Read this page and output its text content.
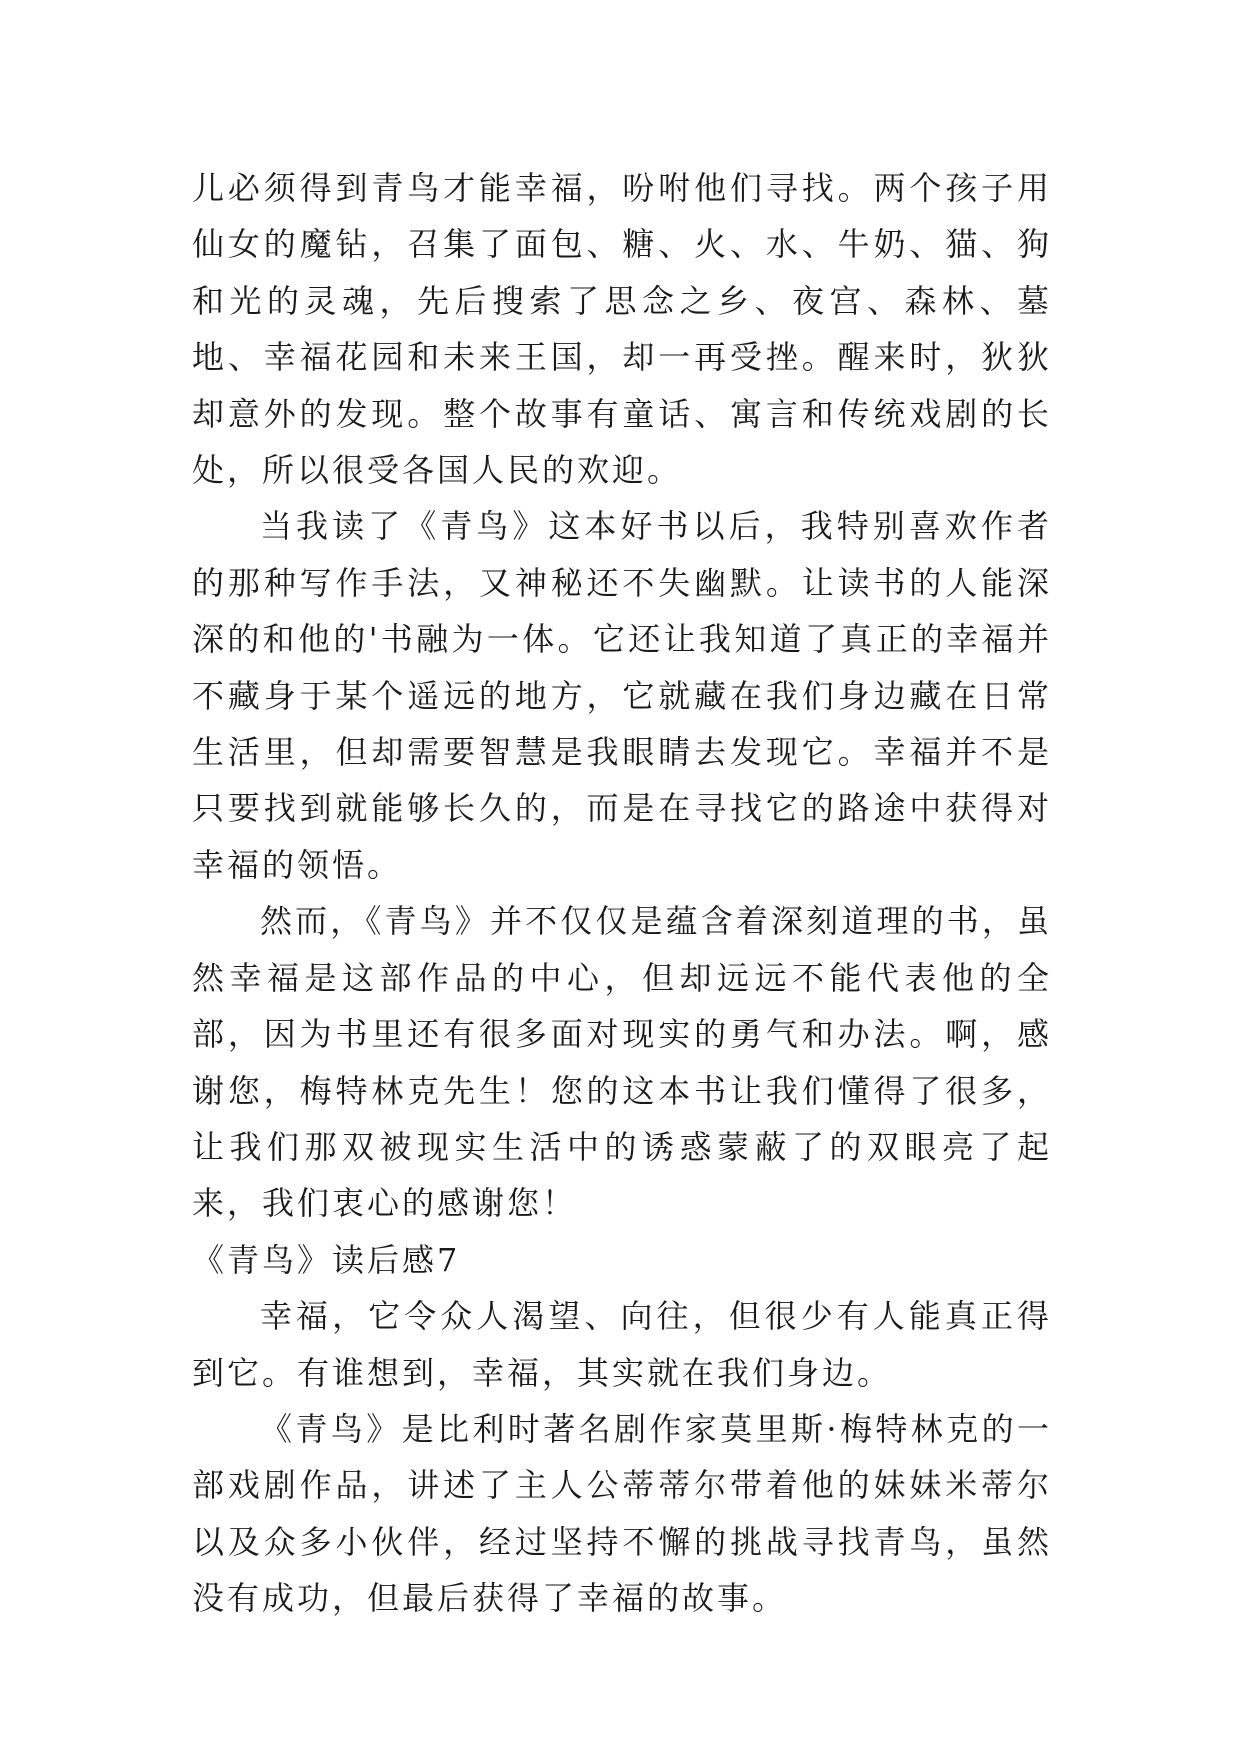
儿必须得到青鸟才能幸福，吩咐他们寻找。两个孩子用仙女的魔钻，召集了面包、糖、火、水、牛奶、猫、狗和光的灵魂，先后搜索了思念之乡、夜宫、森林、墓地、幸福花园和未来王国，却一再受挫。醒来时，狄狄却意外的发现。整个故事有童话、寓言和传统戏剧的长处，所以很受各国人民的欢迎。

当我读了《青鸟》这本好书以后，我特别喜欢作者的那种写作手法，又神秘还不失幽默。让读书的人能深深的和他的'书融为一体。它还让我知道了真正的幸福并不藏身于某个遥远的地方，它就藏在我们身边藏在日常生活里，但却需要智慧是我眼睛去发现它。幸福并不是只要找到就能够长久的，而是在寻找它的路途中获得对幸福的领悟。

然而，《青鸟》并不仅仅是蕴含着深刻道理的书，虽然幸福是这部作品的中心，但却远远不能代表他的全部，因为书里还有很多面对现实的勇气和办法。啊，感谢您，梅特林克先生！您的这本书让我们懂得了很多，让我们那双被现实生活中的诱惑蒙蔽了的双眼亮了起来，我们衷心的感谢您！

《青鸟》读后感7

幸福，它令众人渴望、向往，但很少有人能真正得到它。有谁想到，幸福，其实就在我们身边。

《青鸟》是比利时著名剧作家莫里斯·梅特林克的一部戏剧作品，讲述了主人公蒂蒂尔带着他的妹妹米蒂尔以及众多小伙伴，经过坚持不懈的挑战寻找青鸟，虽然没有成功，但最后获得了幸福的故事。
